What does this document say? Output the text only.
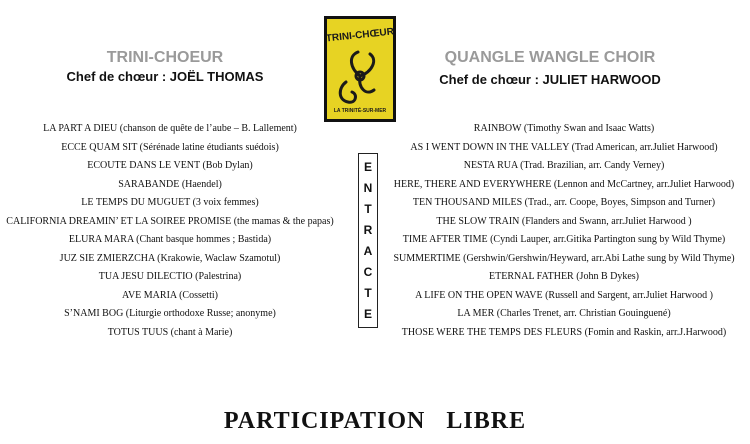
TRINI-CHOEUR

Chef de chœur : JOËL THOMAS

TRINI-CHŒUR
LA TRINITÉ-SUR-MER
QUANGLE WANGLE CHOIR

Chef de chœur : JULIET HARWOOD

LA PART A DIEU (chanson de quête de l’aube – B. Lallement)
ECCE QUAM SIT (Sérénade latine étudiants suédois)
ECOUTE DANS LE VENT (Bob Dylan)
SARABANDE (Haendel)
LE TEMPS DU MUGUET (3 voix femmes)
CALIFORNIA DREAMIN’ ET LA SOIREE PROMISE (the mamas & the papas)
ELURA MARA (Chant basque hommes ; Bastida)
JUZ SIE ZMIERZCHA (Krakowie, Waclaw Szamotul)
TUA JESU DILECTIO (Palestrina)
AVE MARIA (Cossetti)
S’NAMI BOG (Liturgie orthodoxe Russe; anonyme)
TOTUS TUUS (chant à Marie)
E
N
T
R
A
C
T
E
RAINBOW (Timothy Swan and Isaac Watts)
AS I WENT DOWN IN THE VALLEY (Trad American, arr.Juliet Harwood)
NESTA RUA (Trad. Brazilian, arr. Candy Verney)
HERE, THERE AND EVERYWHERE (Lennon and McCartney, arr.Juliet Harwood)
TEN THOUSAND MILES (Trad., arr. Coope, Boyes, Simpson and Turner)
THE SLOW TRAIN (Flanders and Swann, arr.Juliet Harwood )
TIME AFTER TIME (Cyndi Lauper, arr.Gitika Partington sung by Wild Thyme)
SUMMERTIME (Gershwin/Gershwin/Heyward, arr.Abi Lathe sung by Wild Thyme)
ETERNAL FATHER (John B Dykes)
A LIFE ON THE OPEN WAVE (Russell and Sargent, arr.Juliet Harwood )
LA MER (Charles Trenet, arr. Christian Gouinguené)
THOSE WERE THE TEMPS DES FLEURS (Fomin and Raskin, arr.J.Harwood)

PARTICIPATION LIBRE
